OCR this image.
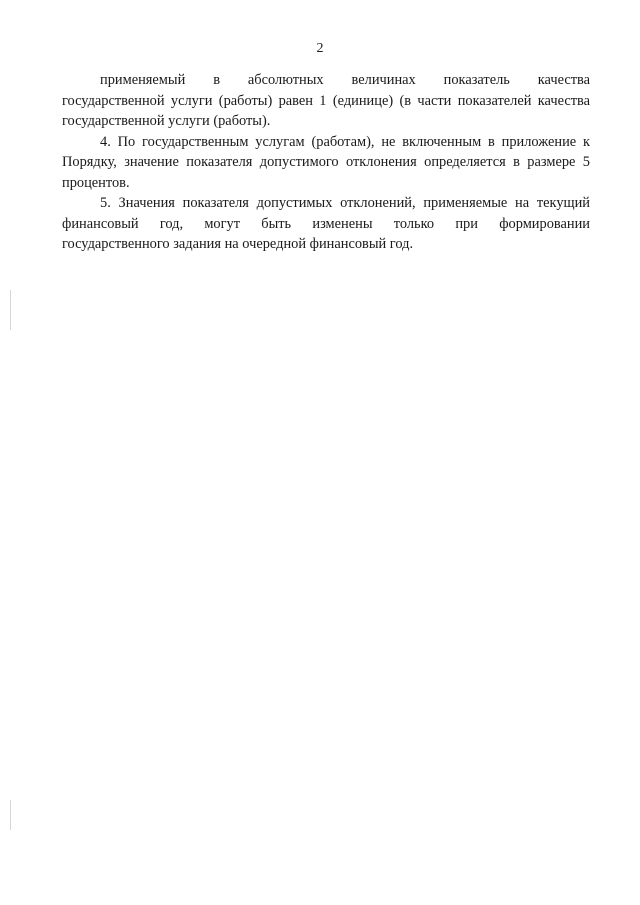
2

применяемый в абсолютных величинах показатель качества
государственной услуги (работы) равен 1 (единице) (в части показателей качества
государственной услуги (работы).

4. По государственным услугам (работам), не включенным в приложение к
Порядку, значение показателя допустимого отклонения определяется в размере 5
процентов.

5. Значения показателя допустимых отклонений, применяемые на текущий
финансовый год, могут быть изменены только при формировании
государственного задания на очередной финансовый год.
